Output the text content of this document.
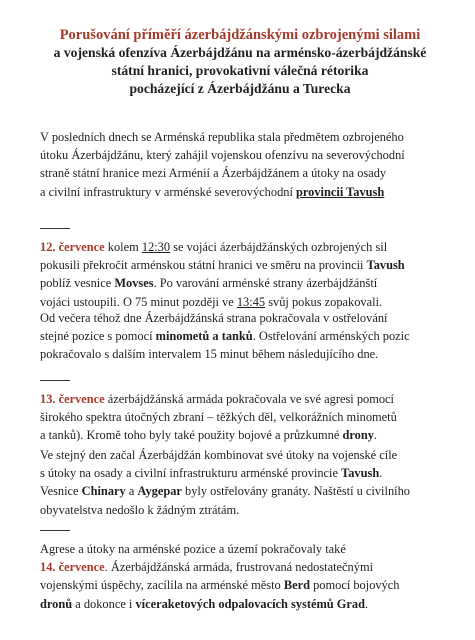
Porušování příměří ázerbájdžánskými ozbrojenými silami
a vojenská ofenzíva Ázerbájdžánu na arménsko-ázerbájdžánské
státní hranici, provokativní válečná rétorika
pocházející z Ázerbájdžánu a Turecka
V posledních dnech se Arménská republika stala předmětem ozbrojeného
útoku Ázerbájdžánu, který zahájil vojenskou ofenzívu na severovýchodní
straně státní hranice mezi Arménií a Ázerbájdžánem a útoky na osady
a civilní infrastruktury v arménské severovýchodní provincii Tavush
12. července kolem 12:30 se vojáci ázerbájdžánských ozbrojených sil
pokusili překročit arménskou státní hranici ve směru na provincii Tavush
poblíž vesnice Movses. Po varování arménské strany ázerbájdžánští
vojáci ustoupili. O 75 minut později ve 13:45 svůj pokus zopakovali.
Od večera téhož dne Ázerbájdžánská strana pokračovala v ostřelování
stejné pozice s pomocí minometů a tanků. Ostřelování arménských pozic
pokračovalo s dalším intervalem 15 minut během následujícího dne.
13. července ázerbájdžánská armáda pokračovala ve své agresi pomocí
širokého spektra útočných zbraní – těžkých děl, velkorážních minometů
a tanků). Kromě toho byly také použity bojové a průzkumné drony.
Ve stejný den začal Ázerbájdžán kombinovat své útoky na vojenské cíle
s útoky na osady a civilní infrastrukturu arménské provincie Tavush.
Vesnice Chinary a Aygepar byly ostřelovány granáty. Naštěstí u civilního
obyvatelstva nedošlo k žádným ztrátám.
Agrese a útoky na arménské pozice a území pokračovaly také
14. července. Ázerbájdžánská armáda, frustrovaná nedostatečnými
vojenskými úspěchy, zacílila na arménské město Berd pomocí bojových
dronů a dokonce i víceraketových odpalovacích systémů Grad.
